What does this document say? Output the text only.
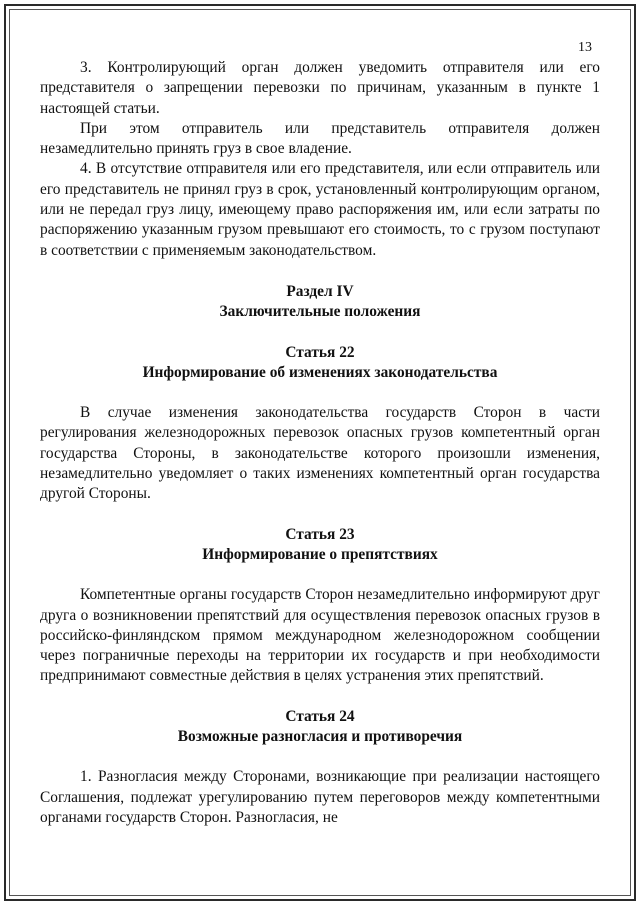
13

3. Контролирующий орган должен уведомить отправителя или его представителя о запрещении перевозки по причинам, указанным в пункте 1 настоящей статьи.

При этом отправитель или представитель отправителя должен незамедлительно принять груз в свое владение.

4. В отсутствие отправителя или его представителя, или если отправитель или его представитель не принял груз в срок, установленный контролирующим органом, или не передал груз лицу, имеющему право распоряжения им, или если затраты по распоряжению указанным грузом превышают его стоимость, то с грузом поступают в соответствии с применяемым законодательством.

Раздел IV
Заключительные положения
Статья 22
Информирование об изменениях законодательства

В случае изменения законодательства государств Сторон в части регулирования железнодорожных перевозок опасных грузов компетентный орган государства Стороны, в законодательстве которого произошли изменения, незамедлительно уведомляет о таких изменениях компетентный орган государства другой Стороны.

Статья 23
Информирование о препятствиях

Компетентные органы государств Сторон незамедлительно информируют друг друга о возникновении препятствий для осуществления перевозок опасных грузов в российско-финляндском прямом международном железнодорожном сообщении через пограничные переходы на территории их государств и при необходимости предпринимают совместные действия в целях устранения этих препятствий.

Статья 24
Возможные разногласия и противоречия

1. Разногласия между Сторонами, возникающие при реализации настоящего Соглашения, подлежат урегулированию путем переговоров между компетентными органами государств Сторон. Разногласия, не
